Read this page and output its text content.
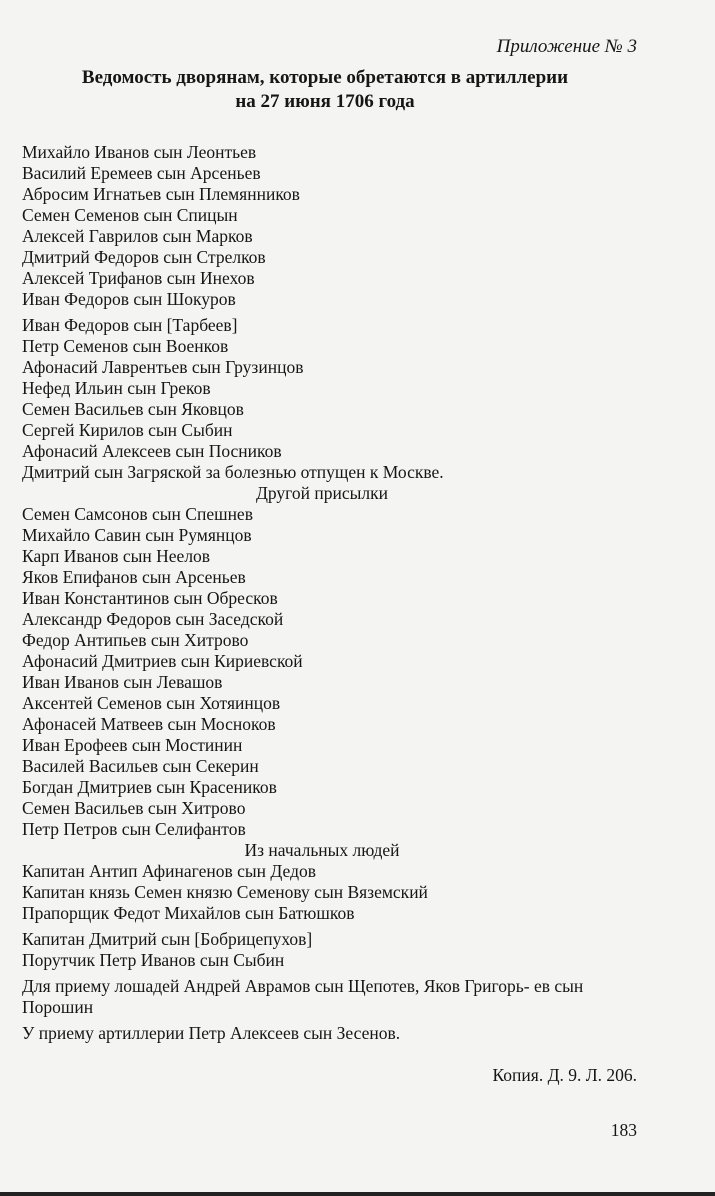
Приложение № 3
Ведомость дворянам, которые обретаются в артиллерии
на 27 июня 1706 года
Михайло Иванов сын Леонтьев
Василий Еремеев сын Арсеньев
Абросим Игнатьев сын Племянников
Семен Семенов сын Спицын
Алексей Гаврилов сын Марков
Дмитрий Федоров сын Стрелков
Алексей Трифанов сын Инехов
Иван Федоров сын Шокуров
Иван Федоров сын [Тарбеев]
Петр Семенов сын Военков
Афонасий Лаврентьев сын Грузинцов
Нефед Ильин сын Греков
Семен Васильев сын Яковцов
Сергей Кирилов сын Сыбин
Афонасий Алексеев сын Посников
Дмитрий сын Загряской за болезнью отпущен к Москве.
Другой присылки
Семен Самсонов сын Спешнев
Михайло Савин сын Румянцов
Карп Иванов сын Неелов
Яков Епифанов сын Арсеньев
Иван Константинов сын Обресков
Александр Федоров сын Заседской
Федор Антипьев сын Хитрово
Афонасий Дмитриев сын Кириевской
Иван Иванов сын Левашов
Аксентей Семенов сын Хотяинцов
Афонасей Матвеев сын Мосноков
Иван Ерофеев сын Мостинин
Василей Васильев сын Секерин
Богдан Дмитриев сын Красеников
Семен Васильев сын Хитрово
Петр Петров сын Селифантов
Из начальных людей
Капитан Антип Афинагенов сын Дедов
Капитан князь Семен князю Семенову сын Вяземский
Прапорщик Федот Михайлов сын Батюшков
Капитан Дмитрий сын [Бобрицепухов]
Порутчик Петр Иванов сын Сыбин
Для приему лошадей Андрей Аврамов сын Щепотев, Яков Григорь- ев сын Порошин
У приему артиллерии Петр Алексеев сын Зесенов.
Копия. Д. 9. Л. 206.
183
